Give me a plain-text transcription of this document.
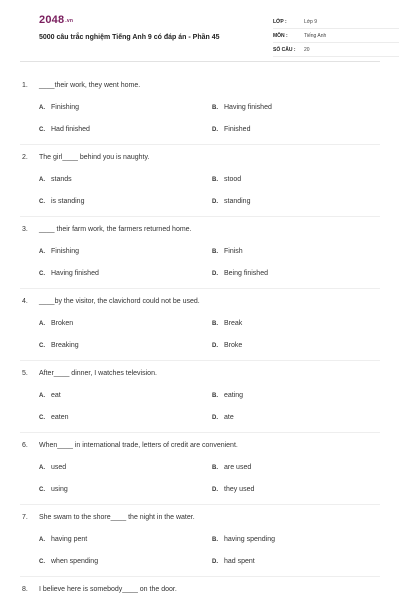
2048.vn
5000 câu trắc nghiệm Tiếng Anh 9 có đáp án - Phần 45
LỚP :	Lớp 9
MÔN :	Tiếng Anh
SỐ CÂU :	20
1. ____their work, they went home.
A. Finishing	B. Having finished
C. Had finished	D. Finished
2. The girl____ behind you is naughty.
A. stands	B. stood
C. is standing	D. standing
3. ____ their farm work, the farmers returned home.
A. Finishing	B. Finish
C. Having finished	D. Being finished
4. ____by the visitor, the clavichord could not be used.
A. Broken	B. Break
C. Breaking	D. Broke
5. After____ dinner, I watches television.
A. eat	B. eating
C. eaten	D. ate
6. When____ in international trade, letters of credit are convenient.
A. used	B. are used
C. using	D. they used
7. She swam to the shore____ the night in the water.
A. having pent	B. having spending
C. when spending	D. had spent
8. I believe here is somebody____ on the door.
